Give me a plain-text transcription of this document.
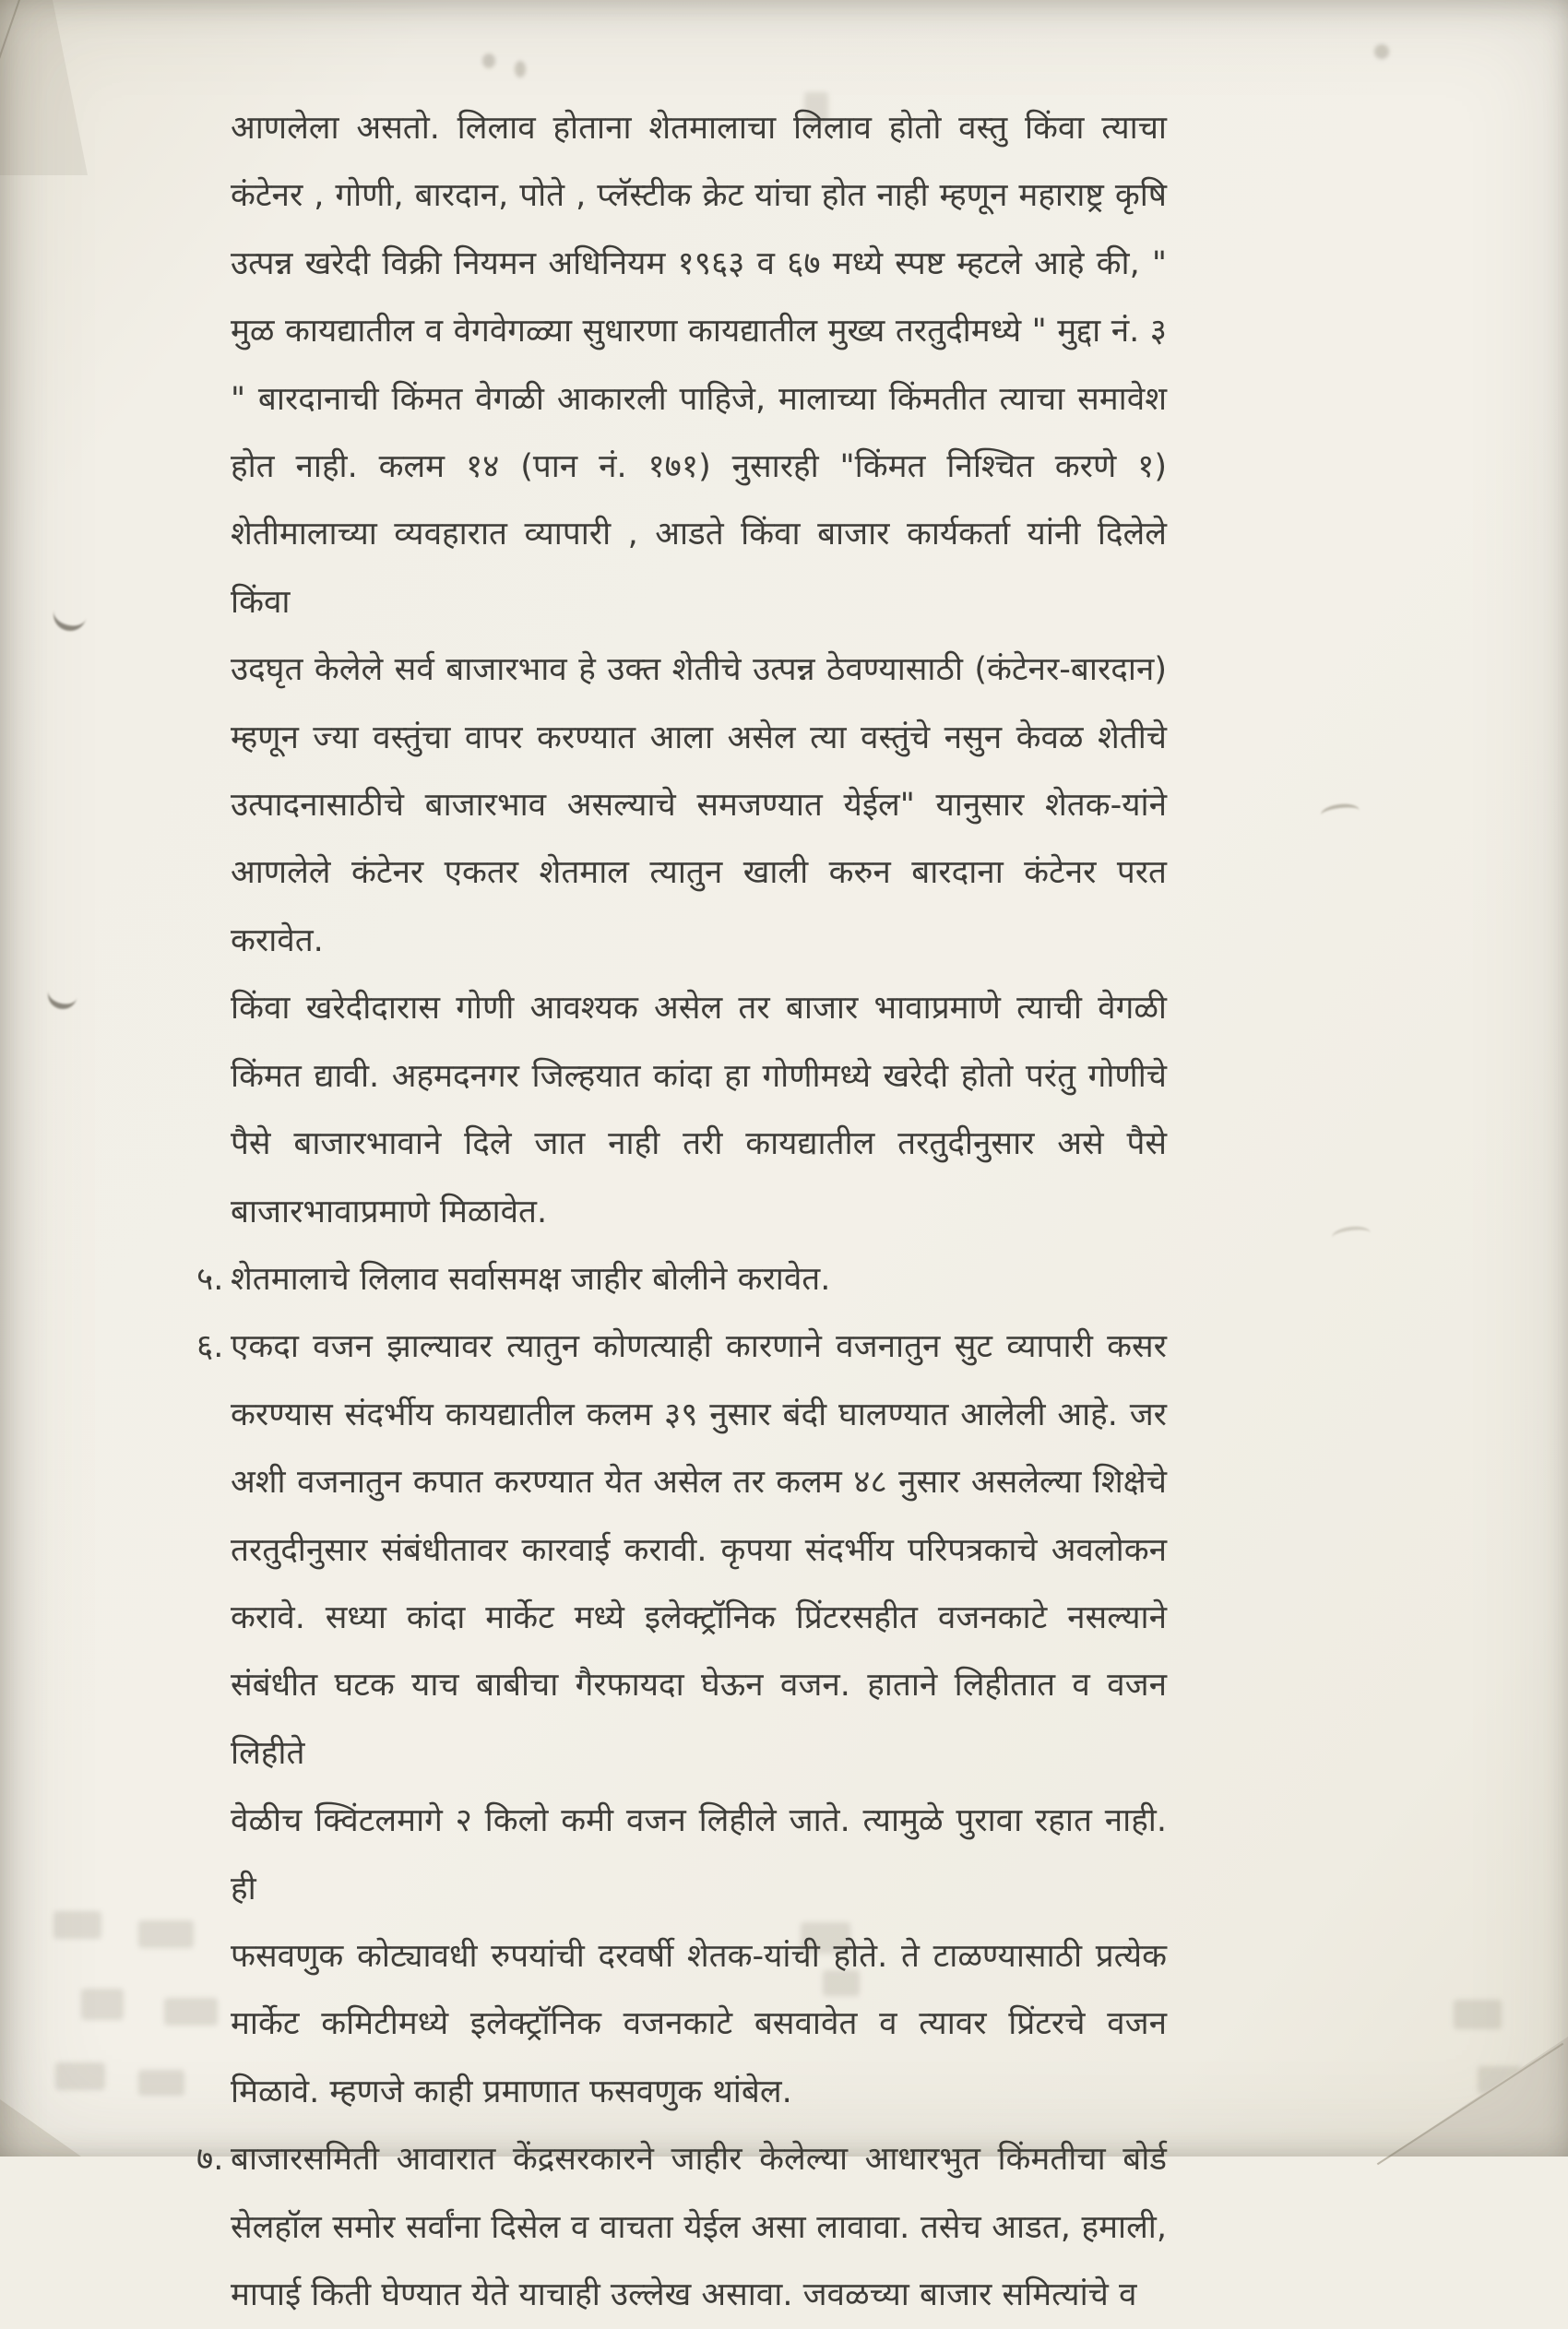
आणलेला असतो. लिलाव होताना शेतमालाचा लिलाव होतो वस्तु किंवा त्याचा
कंटेनर , गोणी, बारदान, पोते , प्लॅस्टीक क्रेट यांचा होत नाही म्हणून महाराष्ट्र कृषि
उत्पन्न खरेदी विक्री नियमन अधिनियम १९६३ व ६७ मध्ये स्पष्ट म्हटले आहे की, "
मुळ कायद्यातील व वेगवेगळ्या सुधारणा कायद्यातील मुख्य तरतुदीमध्ये " मुद्दा नं. ३
" बारदानाची किंमत वेगळी आकारली पाहिजे, मालाच्या किंमतीत त्याचा समावेश
होत नाही. कलम १४ (पान नं. १७१) नुसारही "किंमत निश्चित करणे १)
शेतीमालाच्या व्यवहारात व्यापारी , आडते किंवा बाजार कार्यकर्ता यांनी दिलेले किंवा
उदघृत केलेले सर्व बाजारभाव हे उक्त शेतीचे उत्पन्न ठेवण्यासाठी (कंटेनर-बारदान)
म्हणून ज्या वस्तुंचा वापर करण्यात आला असेल त्या वस्तुंचे नसुन केवळ शेतीचे
उत्पादनासाठीचे बाजारभाव असल्याचे समजण्यात येईल" यानुसार शेतक-यांने
आणलेले कंटेनर एकतर शेतमाल त्यातुन खाली करुन बारदाना कंटेनर परत करावेत.
किंवा खरेदीदारास गोणी आवश्यक असेल तर बाजार भावाप्रमाणे त्याची वेगळी
किंमत द्यावी. अहमदनगर जिल्हयात कांदा हा गोणीमध्ये खरेदी होतो परंतु गोणीचे
पैसे बाजारभावाने दिले जात नाही तरी कायद्यातील तरतुदीनुसार असे पैसे
बाजारभावाप्रमाणे मिळावेत.
५. शेतमालाचे लिलाव सर्वासमक्ष जाहीर बोलीने करावेत.
६. एकदा वजन झाल्यावर त्यातुन कोणत्याही कारणाने वजनातुन सुट व्यापारी कसर
करण्यास संदर्भीय कायद्यातील कलम ३९ नुसार बंदी घालण्यात आलेली आहे. जर
अशी वजनातुन कपात करण्यात येत असेल तर कलम ४८ नुसार असलेल्या शिक्षेचे
तरतुदीनुसार संबंधीतावर कारवाई करावी. कृपया संदर्भीय परिपत्रकाचे अवलोकन
करावे. सध्या कांदा मार्केट मध्ये इलेक्ट्रॉनिक प्रिंटरसहीत वजनकाटे नसल्याने
संबंधीत घटक याच बाबीचा गैरफायदा घेऊन वजन. हाताने लिहीतात व वजन लिहीते
वेळीच क्विंटलमागे २ किलो कमी वजन लिहीले जाते. त्यामुळे पुरावा रहात नाही. ही
फसवणुक कोट्यावधी रुपयांची दरवर्षी शेतक-यांची होते. ते टाळण्यासाठी प्रत्येक
मार्केट कमिटीमध्ये इलेक्ट्रॉनिक वजनकाटे बसवावेत व त्यावर प्रिंटरचे वजन
मिळावे. म्हणजे काही प्रमाणात फसवणुक थांबेल.
७. बाजारसमिती आवारात केंद्रसरकारने जाहीर केलेल्या आधारभुत किंमतीचा बोर्ड
सेलहॉल समोर सर्वांना दिसेल व वाचता येईल असा लावावा. तसेच आडत, हमाली,
मापाई किती घेण्यात येते याचाही उल्लेख असावा. जवळच्या बाजार समित्यांचे व
